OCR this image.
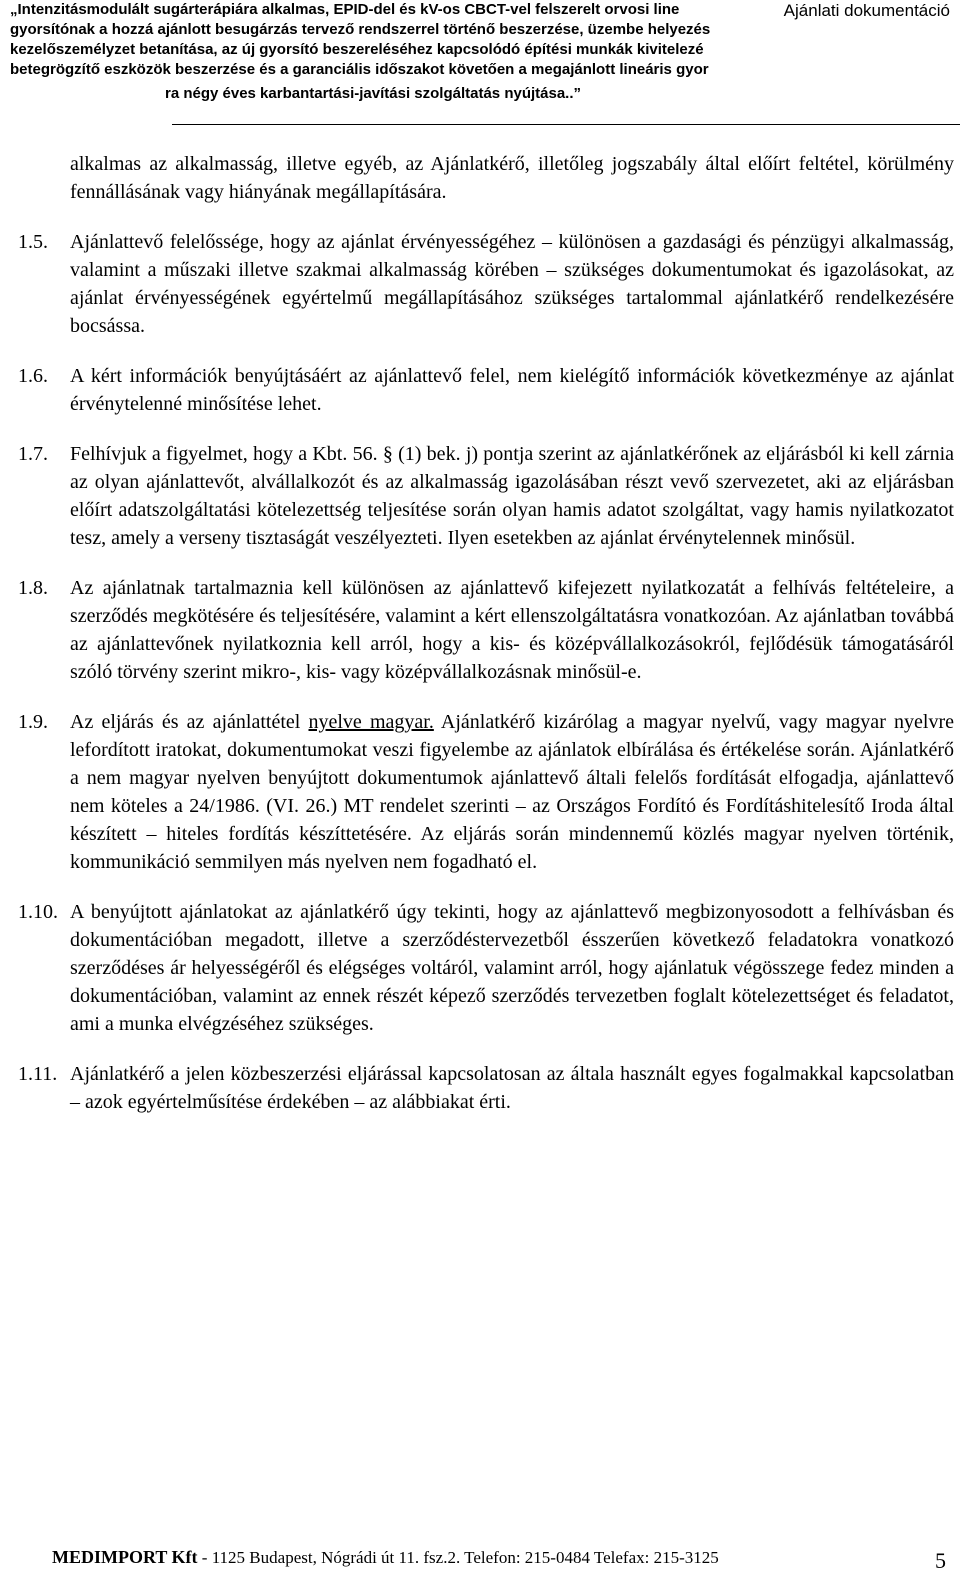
„Intenzitásmodulált sugárterápiára alkalmas, EPID-del és kV-os CBCT-vel felszerelt orvosi line
gyorsítónak a hozzá ajánlott besugárzás tervező rendszerrel történő beszerzése, üzembe helyezés
kezelőszemélyzet betanítása, az új gyorsító beszereléséhez kapcsolódó építési munkák kivitelezé
betegrögzítő eszközök beszerzése és a garanciális időszakot követően a megajánlott lineáris gyor
ra négy éves karbantartási-javítási szolgáltatás nyújtása..”
Ajánlati dokumentáció
alkalmas az alkalmasság, illetve egyéb, az Ajánlatkérő, illetőleg jogszabály által előírt feltétel, körülmény fennállásának vagy hiányának megállapítására.
1.5. Ajánlattevő felelőssége, hogy az ajánlat érvényességéhez – különösen a gazdasági és pénzügyi alkalmasság, valamint a műszaki illetve szakmai alkalmasság körében – szükséges dokumentumokat és igazolásokat, az ajánlat érvényességének egyértelmű megállapításához szükséges tartalommal ajánlatkérő rendelkezésére bocsássa.
1.6. A kért információk benyújtásáért az ajánlattevő felel, nem kielégítő információk következménye az ajánlat érvénytelenné minősítése lehet.
1.7. Felhívjuk a figyelmet, hogy a Kbt. 56. § (1) bek. j) pontja szerint az ajánlatkérőnek az eljárásból ki kell zárnia az olyan ajánlattevőt, alvállalkozót és az alkalmasság igazolásában részt vevő szervezetet, aki az eljárásban előírt adatszolgáltatási kötelezettség teljesítése során olyan hamis adatot szolgáltat, vagy hamis nyilatkozatot tesz, amely a verseny tisztaságát veszélyezteti. Ilyen esetekben az ajánlat érvénytelennek minősül.
1.8. Az ajánlatnak tartalmaznia kell különösen az ajánlattevő kifejezett nyilatkozatát a felhívás feltételeire, a szerződés megkötésére és teljesítésére, valamint a kért ellenszolgáltatásra vonatkozóan. Az ajánlatban továbbá az ajánlattevőnek nyilatkoznia kell arról, hogy a kis- és középvállalkozásokról, fejlődésük támogatásáról szóló törvény szerint mikro-, kis- vagy középvállalkozásnak minősül-e.
1.9. Az eljárás és az ajánlattétel nyelve magyar. Ajánlatkérő kizárólag a magyar nyelvű, vagy magyar nyelvre lefordított iratokat, dokumentumokat veszi figyelembe az ajánlatok elbírálása és értékelése során. Ajánlatkérő a nem magyar nyelven benyújtott dokumentumok ajánlattevő általi felelős fordítását elfogadja, ajánlattevő nem köteles a 24/1986. (VI. 26.) MT rendelet szerinti – az Országos Fordító és Fordításhitelesítő Iroda által készített – hiteles fordítás készíttetésére. Az eljárás során mindennemű közlés magyar nyelven történik, kommunikáció semmilyen más nyelven nem fogadható el.
1.10. A benyújtott ajánlatokat az ajánlatkérő úgy tekinti, hogy az ajánlattevő megbizonyosodott a felhívásban és dokumentációban megadott, illetve a szerződéstervezetből ésszerűen következő feladatokra vonatkozó szerződéses ár helyességéről és elégséges voltáról, valamint arról, hogy ajánlatuk végösszege fedez minden a dokumentációban, valamint az ennek részét képező szerződés tervezetben foglalt kötelezettséget és feladatot, ami a munka elvégzéséhez szükséges.
1.11. Ajánlatkérő a jelen közbeszerzési eljárással kapcsolatosan az általa használt egyes fogalmakkal kapcsolatban – azok egyértelműsítése érdekében – az alábbiakat érti.
MEDIMPORT Kft - 1125 Budapest, Nógrádi út 11. fsz.2. Telefon: 215-0484 Telefax: 215-3125	5
